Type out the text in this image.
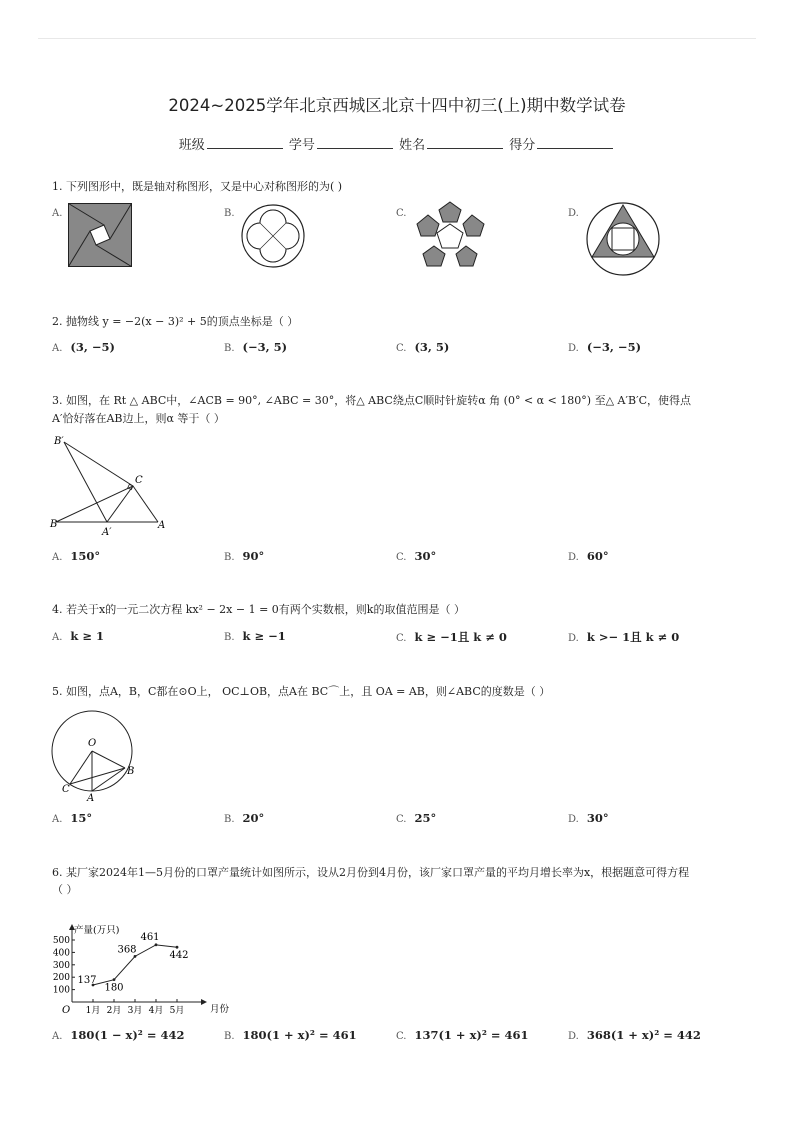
2024~2025学年北京西城区北京十四中初三(上)期中数学试卷
班级	学号	姓名	得分
1. 下列图形中，既是轴对称图形，又是中心对称图形的为( )
A.	B.	C.	D.
2. 抛物线 y = −2(x − 3)² + 5的顶点坐标是（ ）
A. (3, −5)	B. (−3, 5)	C. (3, 5)	D. (−3, −5)
3. 如图，在 Rt △ ABC中，∠ACB = 90°, ∠ABC = 30°，将△ ABC绕点C顺时针旋转α 角 (0° < α < 180°) 至△ A′B′C，使得点
A′恰好落在AB边上，则α 等于（ ）
B′
C
B
A′
A
A. 150°	B. 90°	C. 30°	D. 60°
4. 若关于x的一元二次方程 kx² − 2x − 1 = 0有两个实数根，则k的取值范围是（ ）
A. k ≥ 1	B. k ≥ −1	C. k ≥ −1且 k ≠ 0	D. k >− 1且 k ≠ 0
5. 如图，点A，B，C都在⊙O上， OC⊥OB，点A在 BC⌒上，且 OA = AB，则∠ABC的度数是（ ）
O
B
C
A
A. 15°	B. 20°	C. 25°	D. 30°
6. 某厂家2024年1—5月份的口罩产量统计如图所示，设从2月份到4月份，该厂家口罩产量的平均月增长率为x，根据题意可得方程
（ ）
产量(万只)
月份
O
100
200
300
400
500
1月 2月 3月 4月 5月
137
180
368
461
442
A. 180(1 − x)² = 442	B. 180(1 + x)² = 461	C. 137(1 + x)² = 461	D. 368(1 + x)² = 442
